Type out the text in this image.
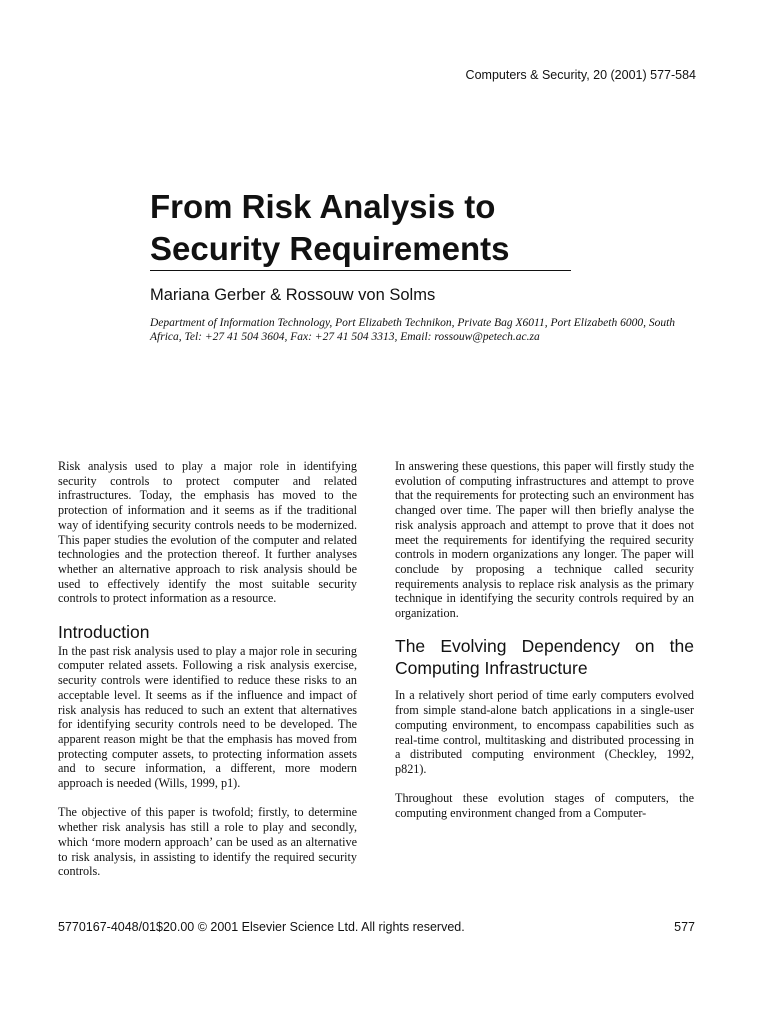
Computers & Security, 20 (2001) 577-584
From Risk Analysis to Security Requirements
Mariana Gerber & Rossouw von Solms
Department of Information Technology, Port Elizabeth Technikon, Private Bag X6011, Port Elizabeth 6000, South Africa, Tel: +27 41 504 3604, Fax: +27 41 504 3313, Email: rossouw@petech.ac.za

Risk analysis used to play a major role in identifying security controls to protect computer and related infrastructures. Today, the emphasis has moved to the protection of information and it seems as if the traditional way of identifying security controls needs to be modernized. This paper studies the evolution of the computer and related technologies and the protection thereof. It further analyses whether an alternative approach to risk analysis should be used to effectively identify the most suitable security controls to protect information as a resource.

Introduction

In the past risk analysis used to play a major role in securing computer related assets. Following a risk analysis exercise, security controls were identified to reduce these risks to an acceptable level. It seems as if the influence and impact of risk analysis has reduced to such an extent that alternatives for identifying security controls need to be developed. The apparent reason might be that the emphasis has moved from protecting computer assets, to protecting information assets and to secure information, a different, more modern approach is needed (Wills, 1999, p1).

The objective of this paper is twofold; firstly, to determine whether risk analysis has still a role to play and secondly, which ‘more modern approach’ can be used as an alternative to risk analysis, in assisting to identify the required security controls.

In answering these questions, this paper will firstly study the evolution of computing infrastructures and attempt to prove that the requirements for protecting such an environment has changed over time. The paper will then briefly analyse the risk analysis approach and attempt to prove that it does not meet the requirements for identifying the required security controls in modern organizations any longer. The paper will conclude by proposing a technique called security requirements analysis to replace risk analysis as the primary technique in identifying the security controls required by an organization.

The Evolving Dependency on the Computing Infrastructure

In a relatively short period of time early computers evolved from simple stand-alone batch applications in a single-user computing environment, to encompass capabilities such as real-time control, multitasking and distributed processing in a distributed computing environment (Checkley, 1992, p821).

Throughout these evolution stages of computers, the computing environment changed from a Computer-

5770167-4048/01$20.00 © 2001 Elsevier Science Ltd. All rights reserved.	577
